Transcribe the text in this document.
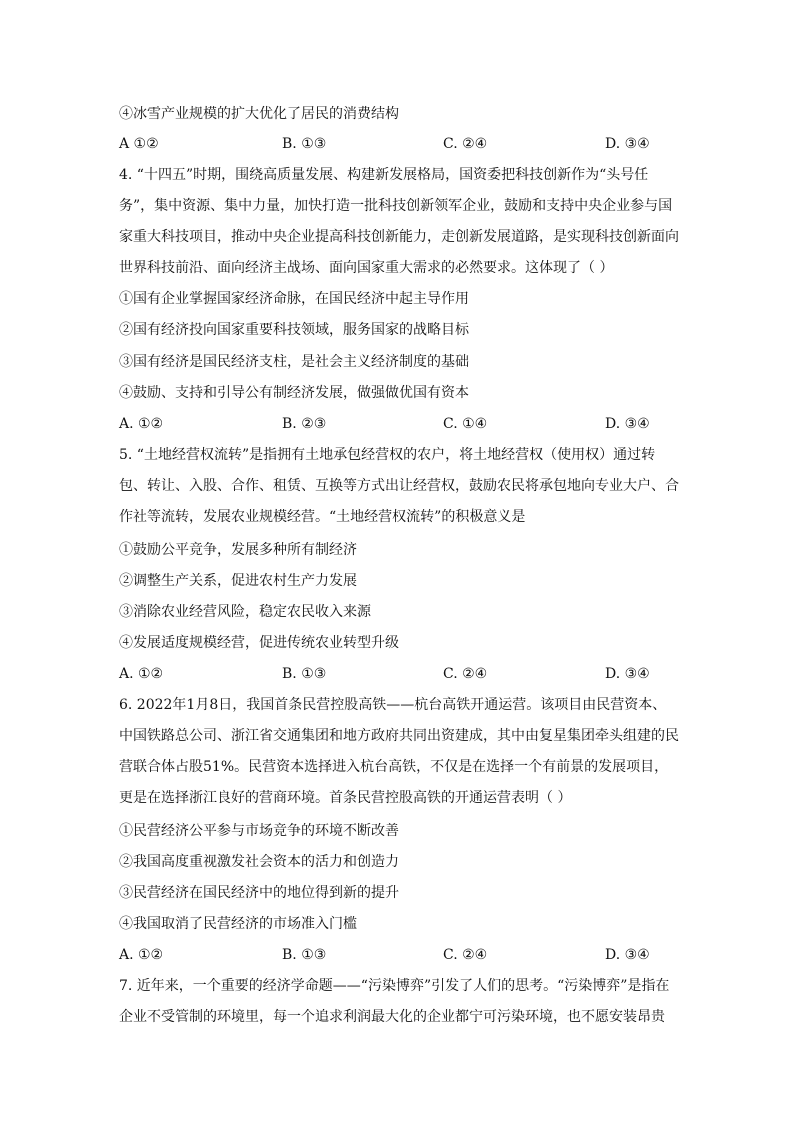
④冰雪产业规模的扩大优化了居民的消费结构
A ①②	B. ①③	C. ②④	D. ③④
4. “十四五”时期，围绕高质量发展、构建新发展格局，国资委把科技创新作为“头号任务”，集中资源、集中力量，加快打造一批科技创新领军企业，鼓励和支持中央企业参与国家重大科技项目，推动中央企业提高科技创新能力，走创新发展道路，是实现科技创新面向世界科技前沿、面向经济主战场、面向国家重大需求的必然要求。这体现了（ ）
①国有企业掌握国家经济命脉，在国民经济中起主导作用
②国有经济投向国家重要科技领域，服务国家的战略目标
③国有经济是国民经济支柱，是社会主义经济制度的基础
④鼓励、支持和引导公有制经济发展，做强做优国有资本
A. ①②	B. ②③	C. ①④	D. ③④
5. “土地经营权流转”是指拥有土地承包经营权的农户，将土地经营权（使用权）通过转包、转让、入股、合作、租赁、互换等方式出让经营权，鼓励农民将承包地向专业大户、合作社等流转，发展农业规模经营。“土地经营权流转”的积极意义是
①鼓励公平竞争，发展多种所有制经济
②调整生产关系，促进农村生产力发展
③消除农业经营风险，稳定农民收入来源
④发展适度规模经营，促进传统农业转型升级
A. ①②	B. ①③	C. ②④	D. ③④
6. 2022年1月8日，我国首条民营控股高铁——杭台高铁开通运营。该项目由民营资本、中国铁路总公司、浙江省交通集团和地方政府共同出资建成，其中由复星集团牵头组建的民营联合体占股51%。民营资本选择进入杭台高铁，不仅是在选择一个有前景的发展项目，更是在选择浙江良好的营商环境。首条民营控股高铁的开通运营表明（ ）
①民营经济公平参与市场竞争的环境不断改善
②我国高度重视激发社会资本的活力和创造力
③民营经济在国民经济中的地位得到新的提升
④我国取消了民营经济的市场准入门槛
A. ①②	B. ①③	C. ②④	D. ③④
7. 近年来，一个重要的经济学命题——“污染博弈”引发了人们的思考。“污染博弈”是指在企业不受管制的环境里，每一个追求利润最大化的企业都宁可污染环境，也不愿安装昂贵
